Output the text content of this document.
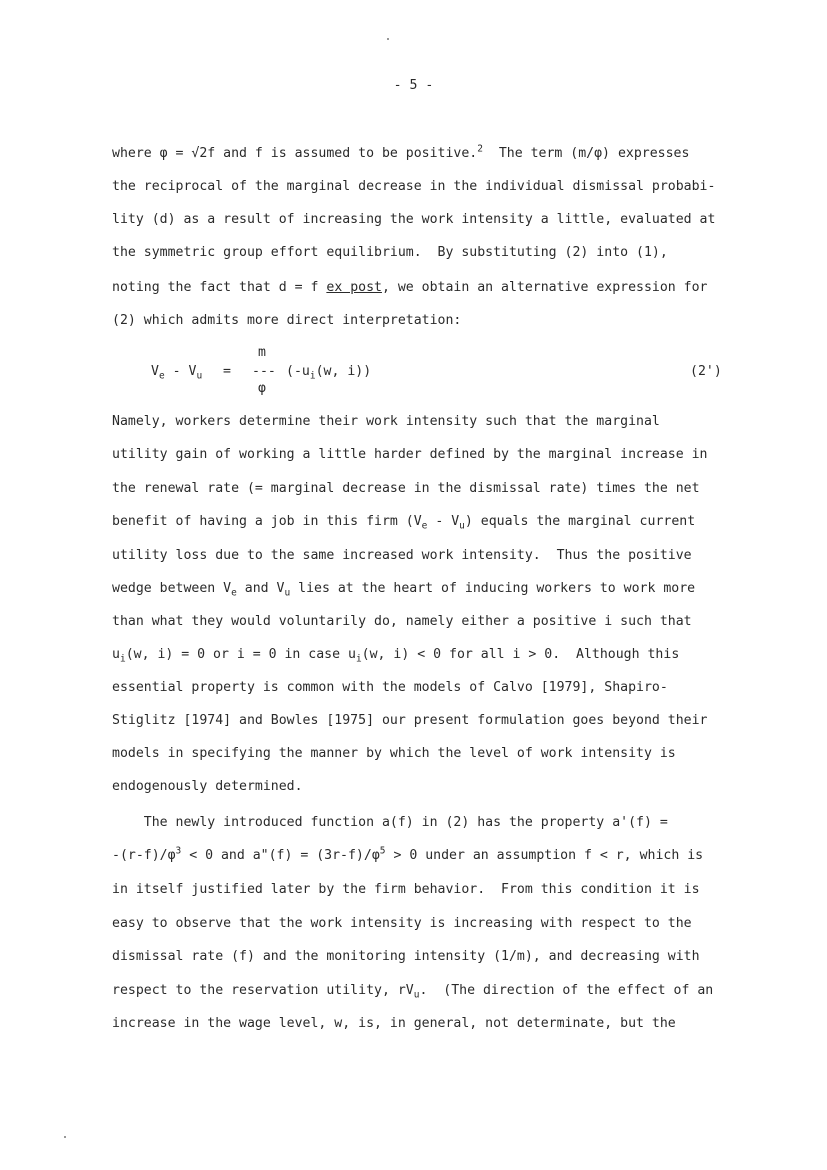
- 5 -
where φ = √2f and f is assumed to be positive.$^2$  The term (m/φ) expresses
the reciprocal of the marginal decrease in the individual dismissal probabi-
lity (d) as a result of increasing the work intensity a little, evaluated at
the symmetric group effort equilibrium.  By substituting (2) into (1),
noting the fact that d = f ex post, we obtain an alternative expression for
(2) which admits more direct interpretation:
$V_e - V_u$ =
m
---
φ
($-u_i(w$, i))	(2')
Namely, workers determine their work intensity such that the marginal
utility gain of working a little harder defined by the marginal increase in
the renewal rate (= marginal decrease in the dismissal rate) times the net
benefit of having a job in this firm $(V_e - V_u)$ equals the marginal current
utility loss due to the same increased work intensity.  Thus the positive
wedge between $V_e$ and $V_u$ lies at the heart of inducing workers to work more
than what they would voluntarily do, namely either a positive i such that
$u_i(w$, i) = 0 or i = 0 in case $u_i(w$, i) < 0 for all i > 0.  Although this
essential property is common with the models of Calvo [1979], Shapiro-
Stiglitz [1974] and Bowles [1975] our present formulation goes beyond their
models in specifying the manner by which the level of work intensity is
endogenously determined.
The newly introduced function a(f) in (2) has the property a'(f) =
$-(r-f)/\varphi^3 < 0$ and a"(f) = $(3r-f)/\varphi^5 > 0$ under an assumption f < r, which is
in itself justified later by the firm behavior.  From this condition it is
easy to observe that the work intensity is increasing with respect to the
dismissal rate (f) and the monitoring intensity (1/m), and decreasing with
respect to the reservation utility, $rV_u$.  (The direction of the effect of an
increase in the wage level, w, is, in general, not determinate, but the
